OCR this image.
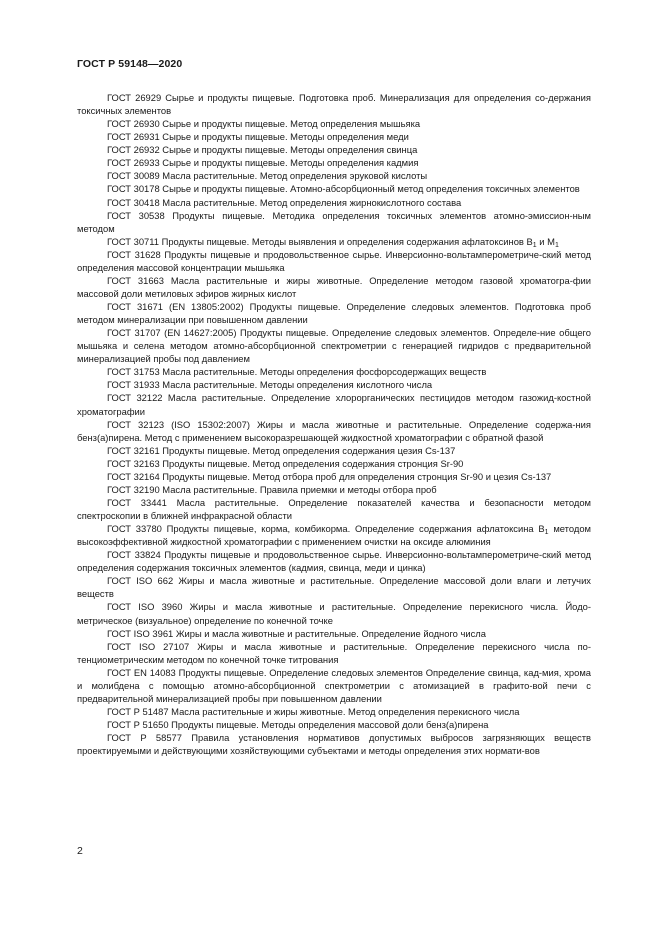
ГОСТ Р 59148—2020

ГОСТ 26929 Сырье и продукты пищевые. Подготовка проб. Минерализация для определения со-держания токсичных элементов

ГОСТ 26930 Сырье и продукты пищевые. Метод определения мышьяка

ГОСТ 26931 Сырье и продукты пищевые. Методы определения меди

ГОСТ 26932 Сырье и продукты пищевые. Методы определения свинца

ГОСТ 26933 Сырье и продукты пищевые. Методы определения кадмия

ГОСТ 30089 Масла растительные. Метод определения эруковой кислоты

ГОСТ 30178 Сырье и продукты пищевые. Атомно-абсорбционный метод определения токсичных элементов

ГОСТ 30418 Масла растительные. Метод определения жирнокислотного состава

ГОСТ 30538 Продукты пищевые. Методика определения токсичных элементов атомно-эмиссион-ным методом

ГОСТ 30711 Продукты пищевые. Методы выявления и определения содержания афлатоксинов $B_1$ и $M_1$

ГОСТ 31628 Продукты пищевые и продовольственное сырье. Инверсионно-вольтамперометриче-ский метод определения массовой концентрации мышьяка

ГОСТ 31663 Масла растительные и жиры животные. Определение методом газовой хроматогра-фии массовой доли метиловых эфиров жирных кислот

ГОСТ 31671 (EN 13805:2002) Продукты пищевые. Определение следовых элементов. Подготовка проб методом минерализации при повышенном давлении

ГОСТ 31707 (EN 14627:2005) Продукты пищевые. Определение следовых элементов. Определе-ние общего мышьяка и селена методом атомно-абсорбционной спектрометрии с генерацией гидридов с предварительной минерализацией пробы под давлением

ГОСТ 31753 Масла растительные. Методы определения фосфорсодержащих веществ

ГОСТ 31933 Масла растительные. Методы определения кислотного числа

ГОСТ 32122 Масла растительные. Определение хлорорганических пестицидов методом газожид-костной хроматографии

ГОСТ 32123 (ISO 15302:2007) Жиры и масла животные и растительные. Определение содержа-ния бенз(а)пирена. Метод с применением высокоразрешающей жидкостной хроматографии с обратной фазой

ГОСТ 32161 Продукты пищевые. Метод определения содержания цезия Cs-137

ГОСТ 32163 Продукты пищевые. Метод определения содержания стронция Sr-90

ГОСТ 32164 Продукты пищевые. Метод отбора проб для определения стронция Sr-90 и цезия Cs-137

ГОСТ 32190 Масла растительные. Правила приемки и методы отбора проб

ГОСТ 33441 Масла растительные. Определение показателей качества и безопасности методом спектроскопии в ближней инфракрасной области

ГОСТ 33780 Продукты пищевые, корма, комбикорма. Определение содержания афлатоксина $B_1$ методом высокоэффективной жидкостной хроматографии с применением очистки на оксиде алюминия

ГОСТ 33824 Продукты пищевые и продовольственное сырье. Инверсионно-вольтамперометриче-ский метод определения содержания токсичных элементов (кадмия, свинца, меди и цинка)

ГОСТ ISO 662 Жиры и масла животные и растительные. Определение массовой доли влаги и летучих веществ

ГОСТ ISO 3960 Жиры и масла животные и растительные. Определение перекисного числа. Йодо-метрическое (визуальное) определение по конечной точке

ГОСТ ISO 3961 Жиры и масла животные и растительные. Определение йодного числа

ГОСТ ISO 27107 Жиры и масла животные и растительные. Определение перекисного числа по-тенциометрическим методом по конечной точке титрования

ГОСТ EN 14083 Продукты пищевые. Определение следовых элементов Определение свинца, кад-мия, хрома и молибдена с помощью атомно-абсорбционной спектрометрии с атомизацией в графито-вой печи с предварительной минерализацией пробы при повышенном давлении

ГОСТ Р 51487 Масла растительные и жиры животные. Метод определения перекисного числа

ГОСТ Р 51650 Продукты пищевые. Методы определения массовой доли бенз(а)пирена

ГОСТ Р 58577 Правила установления нормативов допустимых выбросов загрязняющих веществ проектируемыми и действующими хозяйствующими субъектами и методы определения этих нормати-вов

2
